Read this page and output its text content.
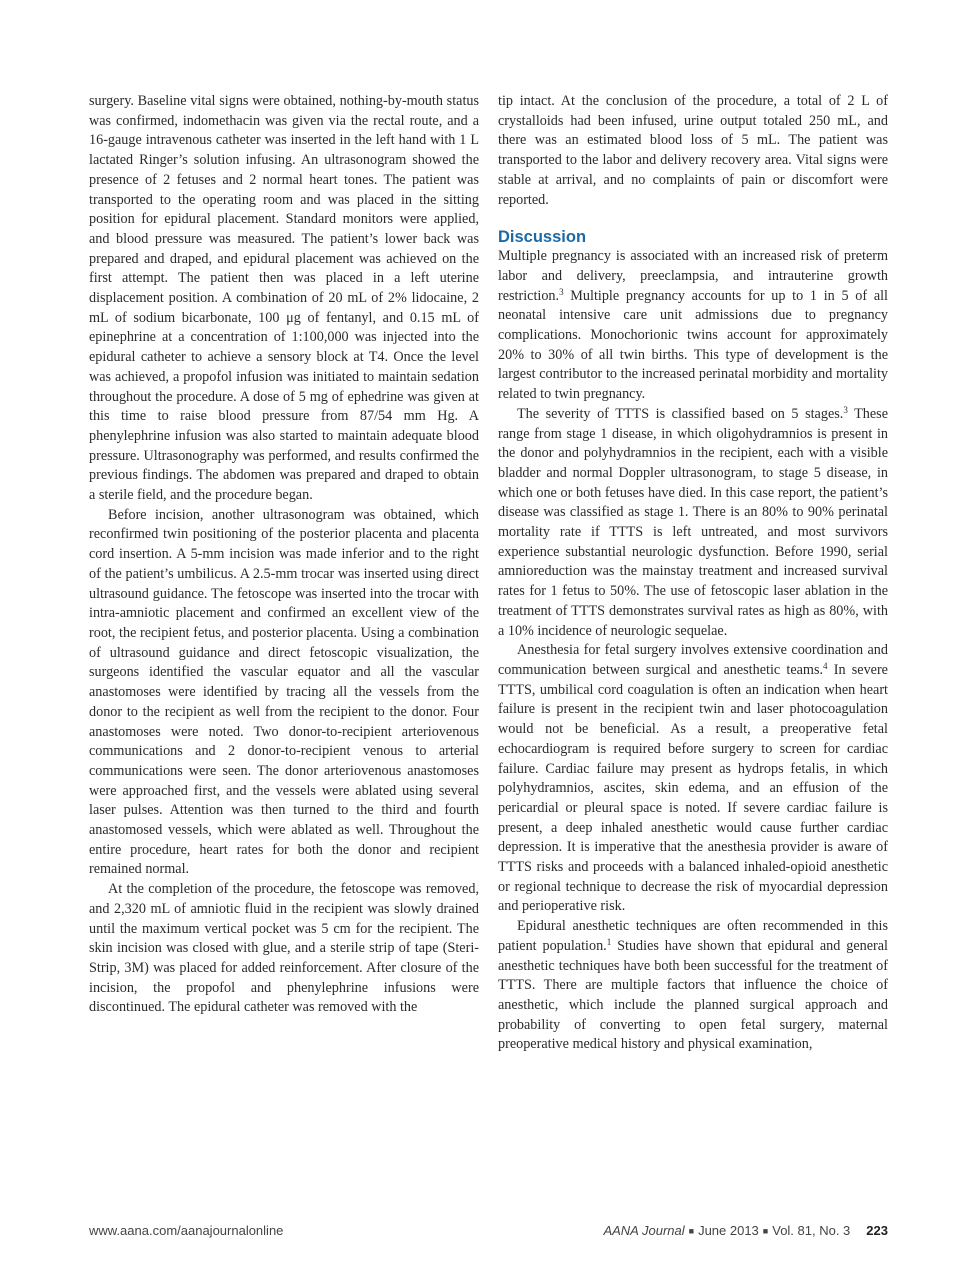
surgery. Baseline vital signs were obtained, nothing-by-mouth status was confirmed, indomethacin was given via the rectal route, and a 16-gauge intravenous catheter was inserted in the left hand with 1 L lactated Ringer’s solution infusing. An ultrasonogram showed the presence of 2 fetuses and 2 normal heart tones. The patient was transported to the operating room and was placed in the sitting position for epidural placement. Standard monitors were applied, and blood pressure was measured. The patient’s lower back was prepared and draped, and epidural placement was achieved on the first attempt. The patient then was placed in a left uterine displacement position. A combination of 20 mL of 2% lidocaine, 2 mL of sodium bicarbonate, 100 μg of fentanyl, and 0.15 mL of epinephrine at a concentration of 1:100,000 was injected into the epidural catheter to achieve a sensory block at T4. Once the level was achieved, a propofol infusion was initiated to maintain sedation throughout the procedure. A dose of 5 mg of ephedrine was given at this time to raise blood pressure from 87/54 mm Hg. A phenylephrine infusion was also started to maintain adequate blood pressure. Ultrasonography was performed, and results confirmed the previous findings. The abdomen was prepared and draped to obtain a sterile field, and the procedure began.

Before incision, another ultrasonogram was obtained, which reconfirmed twin positioning of the posterior placenta and placenta cord insertion. A 5-mm incision was made inferior and to the right of the patient’s umbilicus. A 2.5-mm trocar was inserted using direct ultrasound guidance. The fetoscope was inserted into the trocar with intra-amniotic placement and confirmed an excellent view of the root, the recipient fetus, and posterior placenta. Using a combination of ultrasound guidance and direct fetoscopic visualization, the surgeons identified the vascular equator and all the vascular anastomoses were identified by tracing all the vessels from the donor to the recipient as well from the recipient to the donor. Four anastomoses were noted. Two donor-to-recipient arteriovenous communications and 2 donor-to-recipient venous to arterial communications were seen. The donor arteriovenous anastomoses were approached first, and the vessels were ablated using several laser pulses. Attention was then turned to the third and fourth anastomosed vessels, which were ablated as well. Throughout the entire procedure, heart rates for both the donor and recipient remained normal.

At the completion of the procedure, the fetoscope was removed, and 2,320 mL of amniotic fluid in the recipient was slowly drained until the maximum vertical pocket was 5 cm for the recipient. The skin incision was closed with glue, and a sterile strip of tape (Steri-Strip, 3M) was placed for added reinforcement. After closure of the incision, the propofol and phenylephrine infusions were discontinued. The epidural catheter was removed with the

tip intact. At the conclusion of the procedure, a total of 2 L of crystalloids had been infused, urine output totaled 250 mL, and there was an estimated blood loss of 5 mL. The patient was transported to the labor and delivery recovery area. Vital signs were stable at arrival, and no complaints of pain or discomfort were reported.

Discussion

Multiple pregnancy is associated with an increased risk of preterm labor and delivery, preeclampsia, and intrauterine growth restriction.$^3$ Multiple pregnancy accounts for up to 1 in 5 of all neonatal intensive care unit admissions due to pregnancy complications. Monochorionic twins account for approximately 20% to 30% of all twin births. This type of development is the largest contributor to the increased perinatal morbidity and mortality related to twin pregnancy.

The severity of TTTS is classified based on 5 stages.$^3$ These range from stage 1 disease, in which oligohydramnios is present in the donor and polyhydramnios in the recipient, each with a visible bladder and normal Doppler ultrasonogram, to stage 5 disease, in which one or both fetuses have died. In this case report, the patient’s disease was classified as stage 1. There is an 80% to 90% perinatal mortality rate if TTTS is left untreated, and most survivors experience substantial neurologic dysfunction. Before 1990, serial amnioreduction was the mainstay treatment and increased survival rates for 1 fetus to 50%. The use of fetoscopic laser ablation in the treatment of TTTS demonstrates survival rates as high as 80%, with a 10% incidence of neurologic sequelae.

Anesthesia for fetal surgery involves extensive coordination and communication between surgical and anesthetic teams.$^4$ In severe TTTS, umbilical cord coagulation is often an indication when heart failure is present in the recipient twin and laser photocoagulation would not be beneficial. As a result, a preoperative fetal echocardiogram is required before surgery to screen for cardiac failure. Cardiac failure may present as hydrops fetalis, in which polyhydramnios, ascites, skin edema, and an effusion of the pericardial or pleural space is noted. If severe cardiac failure is present, a deep inhaled anesthetic would cause further cardiac depression. It is imperative that the anesthesia provider is aware of TTTS risks and proceeds with a balanced inhaled-opioid anesthetic or regional technique to decrease the risk of myocardial depression and perioperative risk.

Epidural anesthetic techniques are often recommended in this patient population.$^1$ Studies have shown that epidural and general anesthetic techniques have both been successful for the treatment of TTTS. There are multiple factors that influence the choice of anesthetic, which include the planned surgical approach and probability of converting to open fetal surgery, maternal preoperative medical history and physical examination,

www.aana.com/aanajournalonline	AANA Journal ■ June 2013 ■ Vol. 81, No. 3 223
